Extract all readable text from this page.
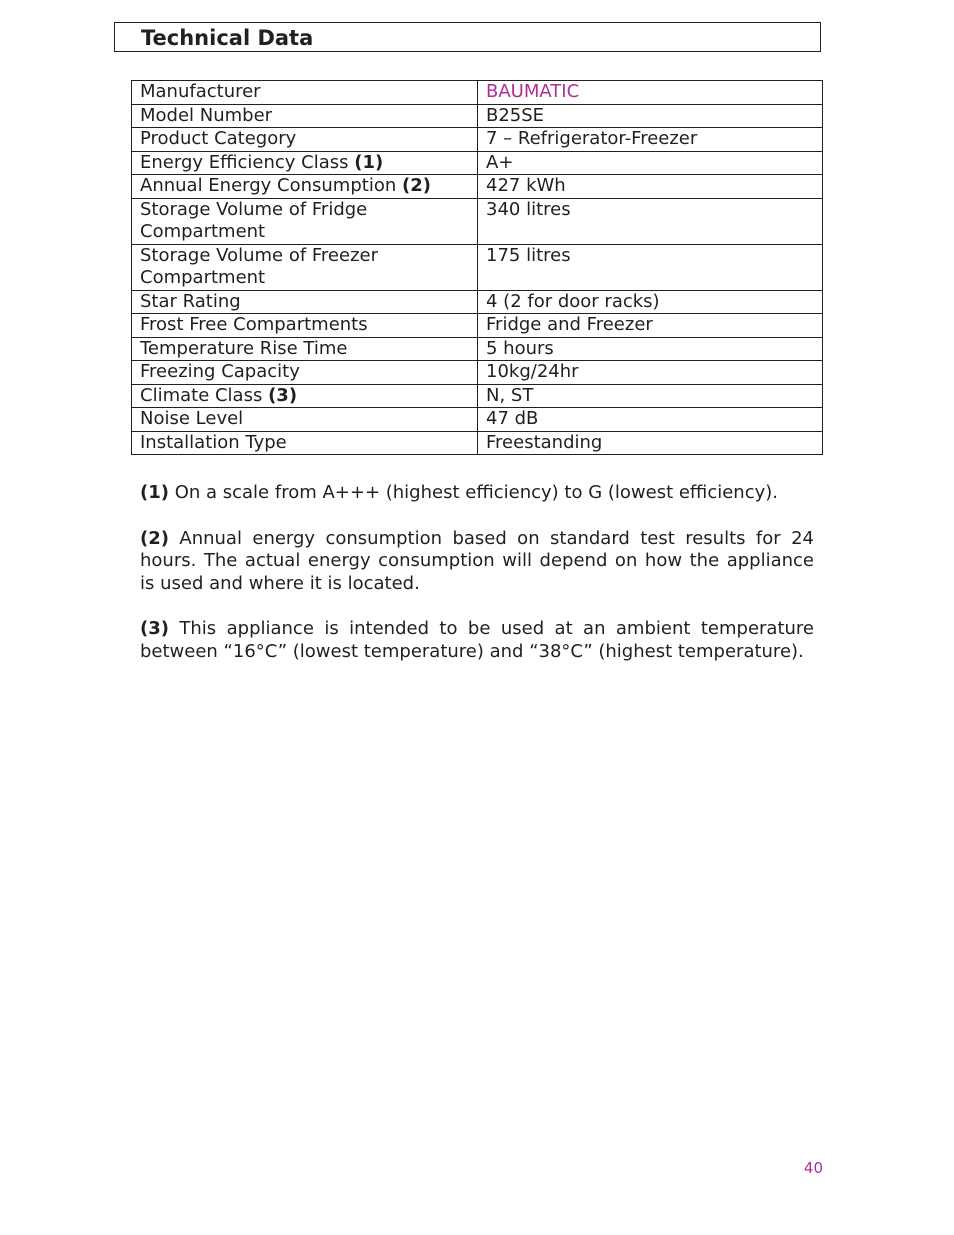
Technical Data
Manufacturer	BAUMATIC
Model Number	B25SE
Product Category	7 – Refrigerator-Freezer
Energy Efficiency Class (1)	A+
Annual Energy Consumption (2)	427 kWh
Storage Volume of Fridge Compartment	340 litres
Storage Volume of Freezer Compartment	175 litres
Star Rating	4 (2 for door racks)
Frost Free Compartments	Fridge and Freezer
Temperature Rise Time	5 hours
Freezing Capacity	10kg/24hr
Climate Class (3)	N, ST
Noise Level	47 dB
Installation Type	Freestanding

(1) On a scale from A+++ (highest efficiency) to G (lowest efficiency).

(2) Annual energy consumption based on standard test results for 24 hours. The actual energy consumption will depend on how the appliance is used and where it is located.

(3) This appliance is intended to be used at an ambient temperature between “16°C” (lowest temperature) and “38°C” (highest temperature).

40
